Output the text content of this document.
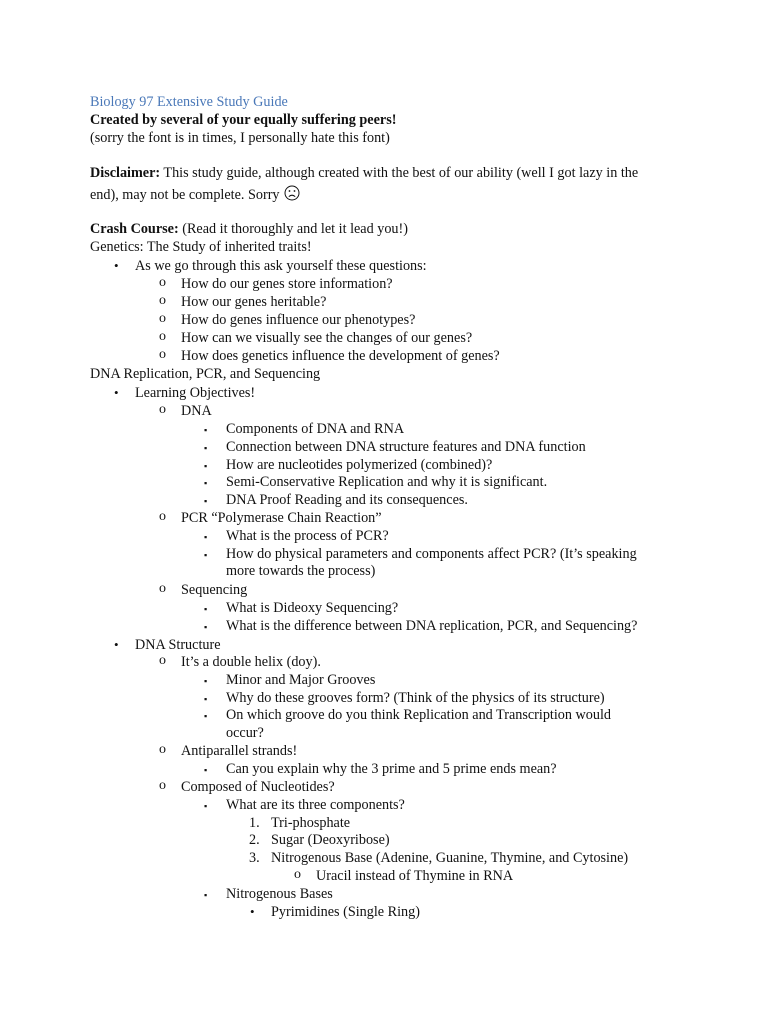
Biology 97 Extensive Study Guide
Created by several of your equally suffering peers!
(sorry the font is in times, I personally hate this font)
Disclaimer: This study guide, although created with the best of our ability (well I got lazy in the
end), may not be complete. Sorry
Crash Course: (Read it thoroughly and let it lead you!)
Genetics: The Study of inherited traits!
• As we go through this ask yourself these questions:
o How do our genes store information?
o How our genes heritable?
o How do genes influence our phenotypes?
o How can we visually see the changes of our genes?
o How does genetics influence the development of genes?
DNA Replication, PCR, and Sequencing
• Learning Objectives!
o DNA
▪ Components of DNA and RNA
▪ Connection between DNA structure features and DNA function
▪ How are nucleotides polymerized (combined)?
▪ Semi-Conservative Replication and why it is significant.
▪ DNA Proof Reading and its consequences.
o PCR “Polymerase Chain Reaction”
▪ What is the process of PCR?
▪ How do physical parameters and components affect PCR? (It’s speaking
more towards the process)
o Sequencing
▪ What is Dideoxy Sequencing?
▪ What is the difference between DNA replication, PCR, and Sequencing?
• DNA Structure
o It’s a double helix (doy).
▪ Minor and Major Grooves
▪ Why do these grooves form? (Think of the physics of its structure)
▪ On which groove do you think Replication and Transcription would
occur?
o Antiparallel strands!
▪ Can you explain why the 3 prime and 5 prime ends mean?
o Composed of Nucleotides?
▪ What are its three components?
1. Tri-phosphate
2. Sugar (Deoxyribose)
3. Nitrogenous Base (Adenine, Guanine, Thymine, and Cytosine)
o Uracil instead of Thymine in RNA
▪ Nitrogenous Bases
• Pyrimidines (Single Ring)
